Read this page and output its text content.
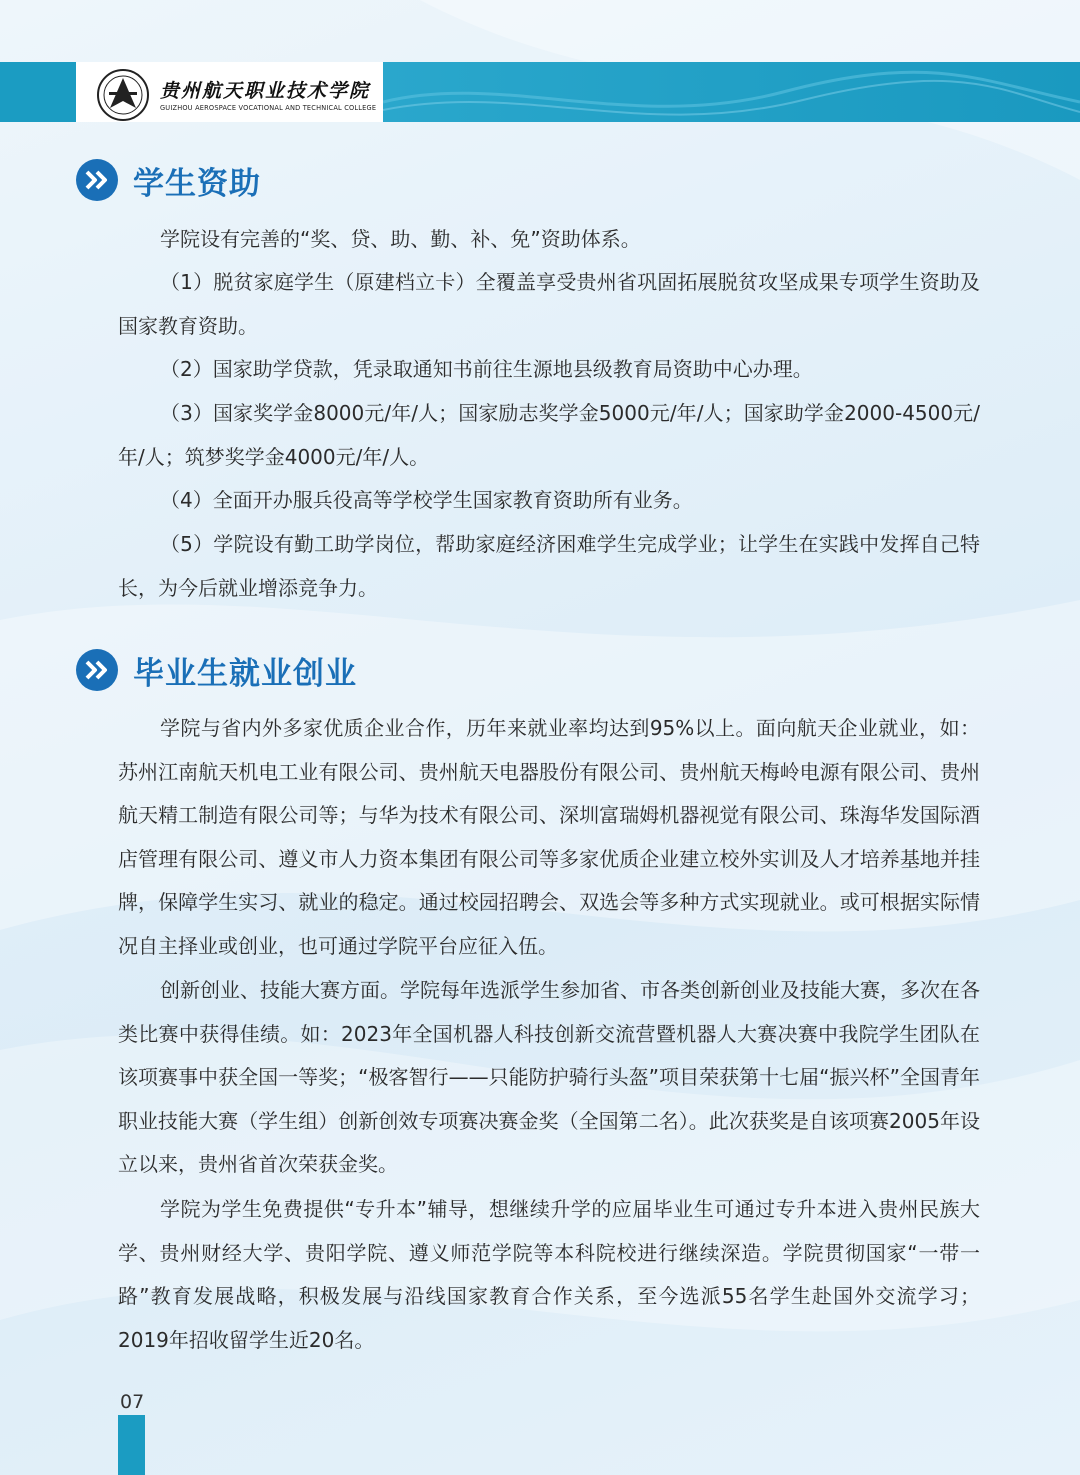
贵州航天职业技术学院
GUIZHOU AEROSPACE VOCATIONAL AND TECHNICAL COLLEGE
学生资助

学院设有完善的“奖、贷、助、勤、补、免”资助体系。

（1）脱贫家庭学生（原建档立卡）全覆盖享受贵州省巩固拓展脱贫攻坚成果专项学生资助及国家教育资助。

（2）国家助学贷款，凭录取通知书前往生源地县级教育局资助中心办理。

（3）国家奖学金8000元/年/人；国家励志奖学金5000元/年/人；国家助学金2000-4500元/年/人；筑梦奖学金4000元/年/人。

（4）全面开办服兵役高等学校学生国家教育资助所有业务。

（5）学院设有勤工助学岗位，帮助家庭经济困难学生完成学业；让学生在实践中发挥自己特长，为今后就业增添竞争力。

毕业生就业创业

学院与省内外多家优质企业合作，历年来就业率均达到95%以上。面向航天企业就业，如：苏州江南航天机电工业有限公司、贵州航天电器股份有限公司、贵州航天梅岭电源有限公司、贵州航天精工制造有限公司等；与华为技术有限公司、深圳富瑞姆机器视觉有限公司、珠海华发国际酒店管理有限公司、遵义市人力资本集团有限公司等多家优质企业建立校外实训及人才培养基地并挂牌，保障学生实习、就业的稳定。通过校园招聘会、双选会等多种方式实现就业。或可根据实际情况自主择业或创业，也可通过学院平台应征入伍。

创新创业、技能大赛方面。学院每年选派学生参加省、市各类创新创业及技能大赛，多次在各类比赛中获得佳绩。如：2023年全国机器人科技创新交流营暨机器人大赛决赛中我院学生团队在该项赛事中获全国一等奖；“极客智行——只能防护骑行头盔”项目荣获第十七届“振兴杯”全国青年职业技能大赛（学生组）创新创效专项赛决赛金奖（全国第二名）。此次获奖是自该项赛2005年设立以来，贵州省首次荣获金奖。

学院为学生免费提供“专升本”辅导，想继续升学的应届毕业生可通过专升本进入贵州民族大学、贵州财经大学、贵阳学院、遵义师范学院等本科院校进行继续深造。学院贯彻国家“一带一路”教育发展战略，积极发展与沿线国家教育合作关系，至今选派55名学生赴国外交流学习；2019年招收留学生近20名。

07
